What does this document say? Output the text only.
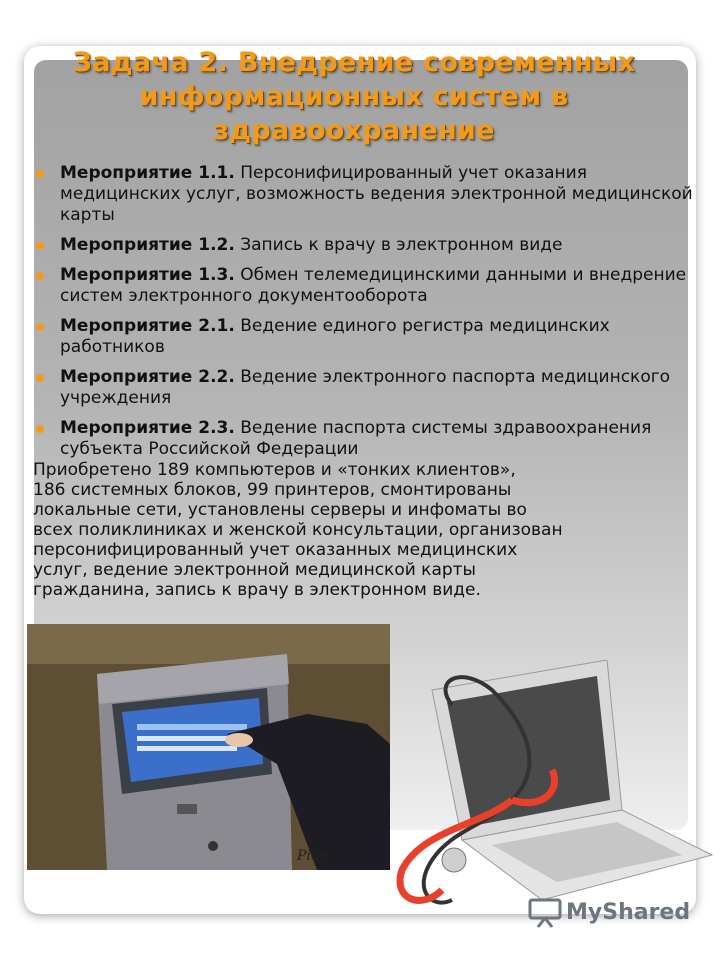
Задача 2. Внедрение современных информационных систем в здравоохранение
Мероприятие 1.1. Персонифицированный учет оказания медицинских услуг, возможность ведения электронной медицинской карты
Мероприятие 1.2. Запись к врачу в электронном виде
Мероприятие 1.3. Обмен телемедицинскими данными и внедрение систем электронного документооборота
Мероприятие 2.1. Ведение единого регистра медицинских работников
Мероприятие 2.2. Ведение электронного паспорта медицинского учреждения
Мероприятие 2.3. Ведение паспорта системы здравоохранения субъекта Российской Федерации

Приобретено 189 компьютеров и «тонких клиентов»,
186 системных блоков, 99 принтеров, смонтированы
локальные сети, установлены серверы и инфоматы во
всех поликлиниках и женской консультации, организован
персонифицированный учет оказанных медицинских
услуг, ведение электронной медицинской карты
гражданина, запись к врачу в электронном виде.

Pion
MyShared
